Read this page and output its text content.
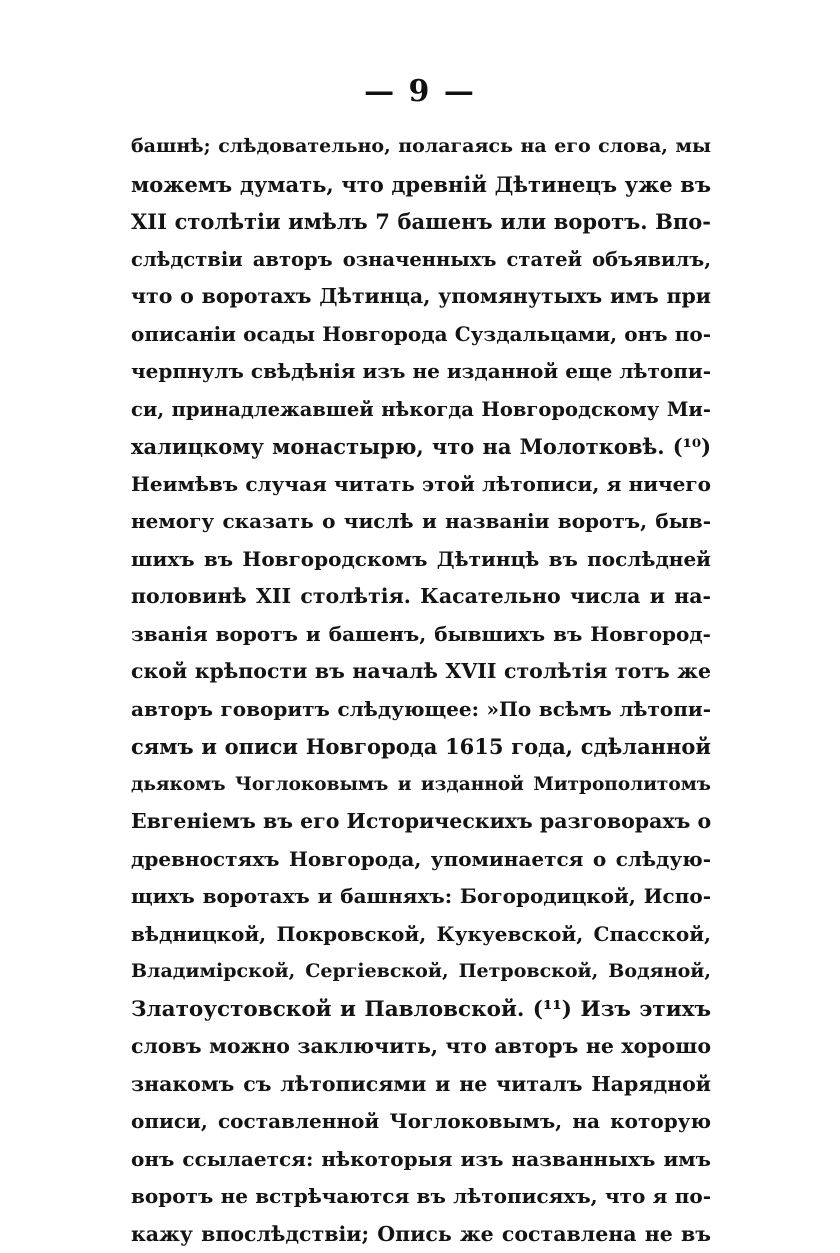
— 9 —
башнѣ; слѣдовательно, полагаясь на его слова, мы
можемъ думать, что древній Дѣтинецъ уже въ
XII столѣтіи имѣлъ 7 башенъ или воротъ. Впо-
слѣдствіи авторъ означенныхъ статей объявилъ,
что о воротахъ Дѣтинца, упомянутыхъ имъ при
описаніи осады Новгорода Суздальцами, онъ по-
черпнулъ свѣдѣнія изъ не изданной еще лѣтопи-
си, принадлежавшей нѣкогда Новгородскому Ми-
халицкому монастырю, что на Молотковѣ. (¹⁰)
Неимѣвъ случая читать этой лѣтописи, я ничего
немогу сказать о числѣ и названіи воротъ, быв-
шихъ въ Новгородскомъ Дѣтинцѣ въ послѣдней
половинѣ XII столѣтія. Касательно числа и на-
званія воротъ и башенъ, бывшихъ въ Новгород-
ской крѣпости въ началѣ XVII столѣтія тотъ же
авторъ говоритъ слѣдующее: »По всѣмъ лѣтопи-
сямъ и описи Новгорода 1615 года, сдѣланной
дьякомъ Чоглоковымъ и изданной Митрополитомъ
Евгеніемъ въ его Историческихъ разговорахъ о
древностяхъ Новгорода, упоминается о слѣдую-
щихъ воротахъ и башняхъ: Богородицкой, Испо-
вѣдницкой, Покровской, Кукуевской, Спасской,
Владимірской, Сергіевской, Петровской, Водяной,
Златоустовской и Павловской. (¹¹) Изъ этихъ
словъ можно заключить, что авторъ не хорошо
знакомъ съ лѣтописями и не читалъ Нарядной
описи, составленной Чоглоковымъ, на которую
онъ ссылается: нѣкоторыя изъ названныхъ имъ
воротъ не встрѣчаются въ лѣтописяхъ, что я по-
кажу впослѣдствіи; Опись же составлена не въ
